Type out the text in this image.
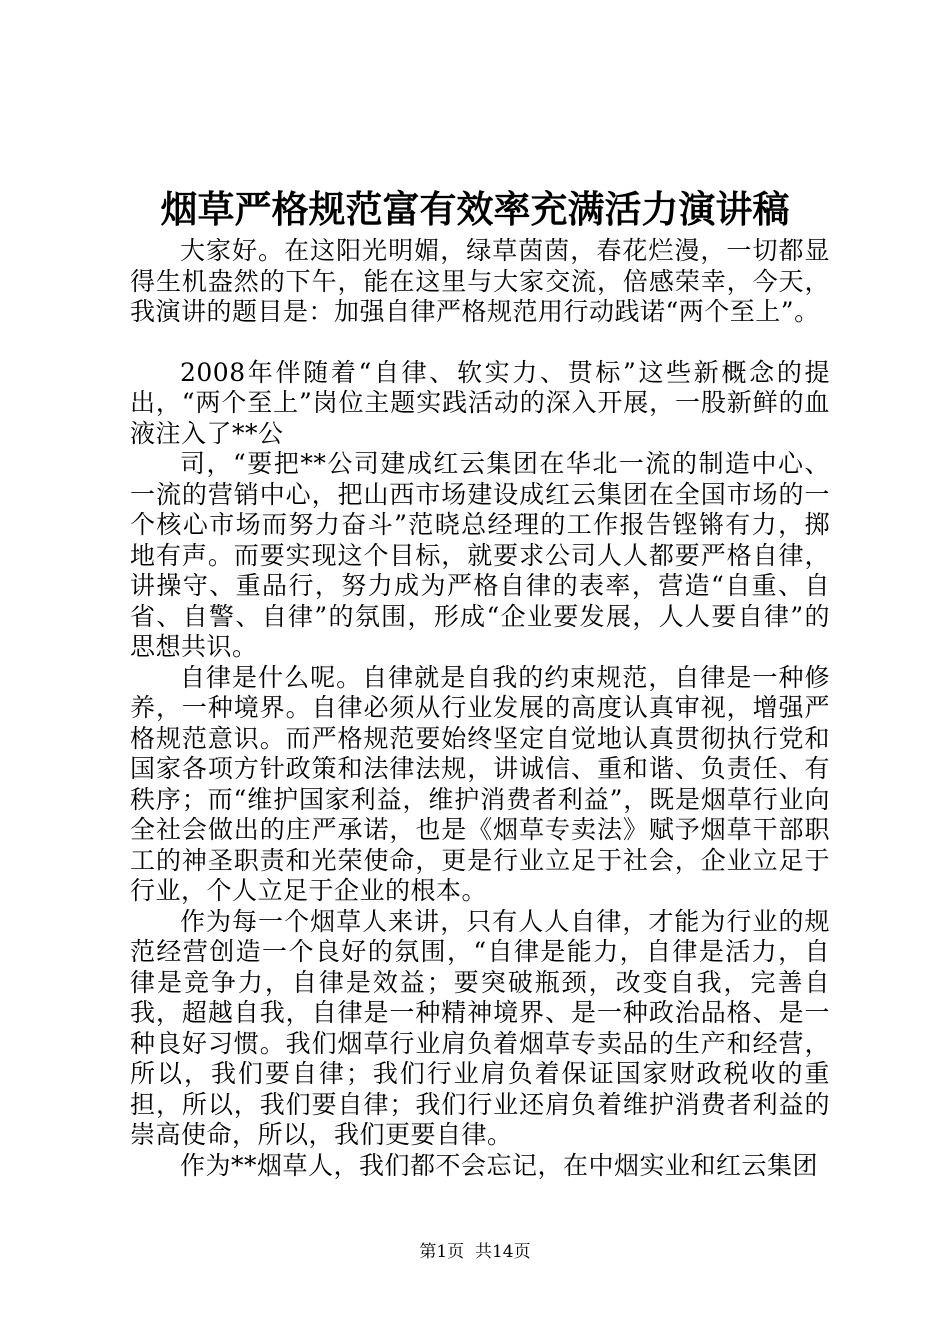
烟草严格规范富有效率充满活力演讲稿

大家好。在这阳光明媚，绿草茵茵，春花烂漫，一切都显得生机盎然的下午，能在这里与大家交流，倍感荣幸，今天，我演讲的题目是：加强自律严格规范用行动践诺“两个至上”。

2008年伴随着“自律、软实力、贯标”这些新概念的提出，“两个至上”岗位主题实践活动的深入开展，一股新鲜的血液注入了**公

司，“要把**公司建成红云集团在华北一流的制造中心、一流的营销中心，把山西市场建设成红云集团在全国市场的一个核心市场而努力奋斗”范晓总经理的工作报告铿锵有力，掷地有声。而要实现这个目标，就要求公司人人都要严格自律，讲操守、重品行，努力成为严格自律的表率，营造“自重、自省、自警、自律”的氛围，形成“企业要发展，人人要自律”的思想共识。

自律是什么呢。自律就是自我的约束规范，自律是一种修养，一种境界。自律必须从行业发展的高度认真审视，增强严格规范意识。而严格规范要始终坚定自觉地认真贯彻执行党和国家各项方针政策和法律法规，讲诚信、重和谐、负责任、有秩序；而“维护国家利益，维护消费者利益”，既是烟草行业向全社会做出的庄严承诺，也是《烟草专卖法》赋予烟草干部职工的神圣职责和光荣使命，更是行业立足于社会，企业立足于行业，个人立足于企业的根本。

作为每一个烟草人来讲，只有人人自律，才能为行业的规范经营创造一个良好的氛围，“自律是能力，自律是活力，自律是竞争力，自律是效益；要突破瓶颈，改变自我，完善自我，超越自我，自律是一种精神境界、是一种政治品格、是一种良好习惯。我们烟草行业肩负着烟草专卖品的生产和经营，所以，我们要自律；我们行业肩负着保证国家财政税收的重担，所以，我们要自律；我们行业还肩负着维护消费者利益的崇高使命，所以，我们更要自律。

作为**烟草人，我们都不会忘记，在中烟实业和红云集团

第1页  共14页
